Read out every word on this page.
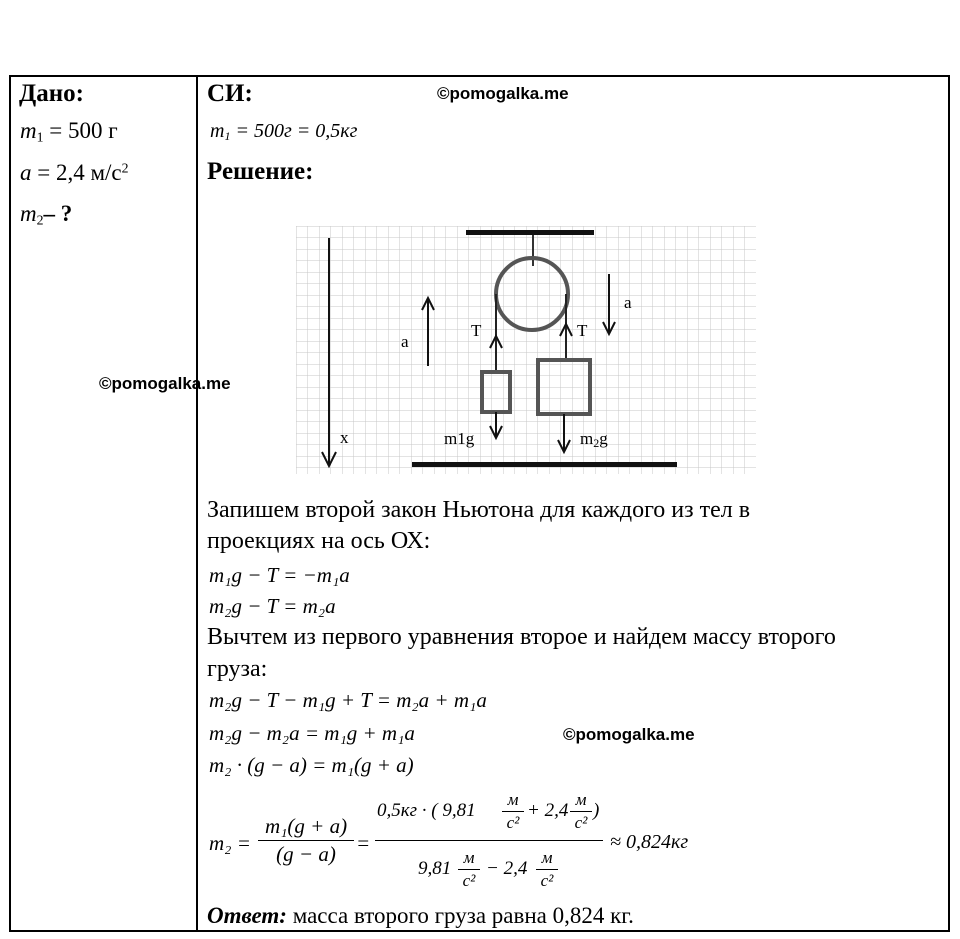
Дано:
$m_1 = 500$ г
a = 2,4 $м/с^2$
$m_2-$ ?
СИ:	©pomogalka.me
$m_1 = 500г = 0,5кг$
Решение:
©pomogalka.me
a
a
T	T
x	m1g	m2g
Запишем второй закон Ньютона для каждого из тел в
проекциях на ось ОХ:
m₁g − T = −m₁a
m₂g − T = m₂a
Вычтем из первого уравнения второе и найдем массу второго
груза:
m₂g − T − m₁g + T = m₂a + m₁a
m₂g − m₂a = m₁g + m₁a	©pomogalka.me
m₂ · (g − a) = m₁(g + a)
m₂ =
m₁(g + a)
(g − a) =
0,5кг · ( 9,81
м
с²
+ 2,4
м
с²
)
9,81
м
с²
− 2,4
м
с²
≈ 0,824кг
Ответ: масса второго груза равна 0,824 кг.
